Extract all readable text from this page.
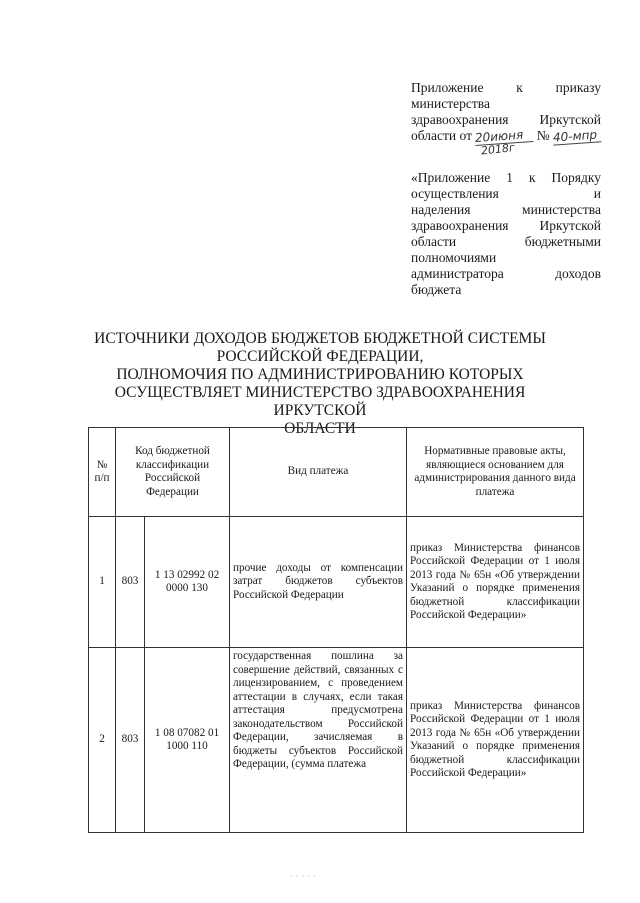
Приложение к приказу

министерства

здравоохранения Иркутской

области от 20июня № 40-мпр

2018г

«Приложение 1 к Порядку

осуществления и

наделения министерства

здравоохранения Иркутской

области бюджетными

полномочиями

администратора доходов

бюджета

ИСТОЧНИКИ ДОХОДОВ БЮДЖЕТОВ БЮДЖЕТНОЙ СИСТЕМЫ
РОССИЙСКОЙ ФЕДЕРАЦИИ,
ПОЛНОМОЧИЯ ПО АДМИНИСТРИРОВАНИЮ КОТОРЫХ
ОСУЩЕСТВЛЯЕТ МИНИСТЕРСТВО ЗДРАВООХРАНЕНИЯ ИРКУТСКОЙ
ОБЛАСТИ
№ п/п	Код бюджетной классификации Российской Федерации		Вид платежа	Нормативные правовые акты, являющиеся основанием для администрирования данного вида платежа
1	803	1 13 02992 02 0000 130	прочие доходы от компенсации затрат бюджетов субъектов Российской Федерации	приказ Министерства финансов Российской Федерации от 1 июля 2013 года № 65н «Об утверждении Указаний о порядке применения бюджетной классификации Российской Федерации»
2	803	1 08 07082 01 1000 110	государственная пошлина за совершение действий, связанных с лицензированием, с проведением аттестации в случаях, если такая аттестация предусмотрена законодательством Российской Федерации, зачисляемая в бюджеты субъектов Российской Федерации, (сумма платежа	приказ Министерства финансов Российской Федерации от 1 июля 2013 года № 65н «Об утверждении Указаний о порядке применения бюджетной классификации Российской Федерации»
· · · · ·
